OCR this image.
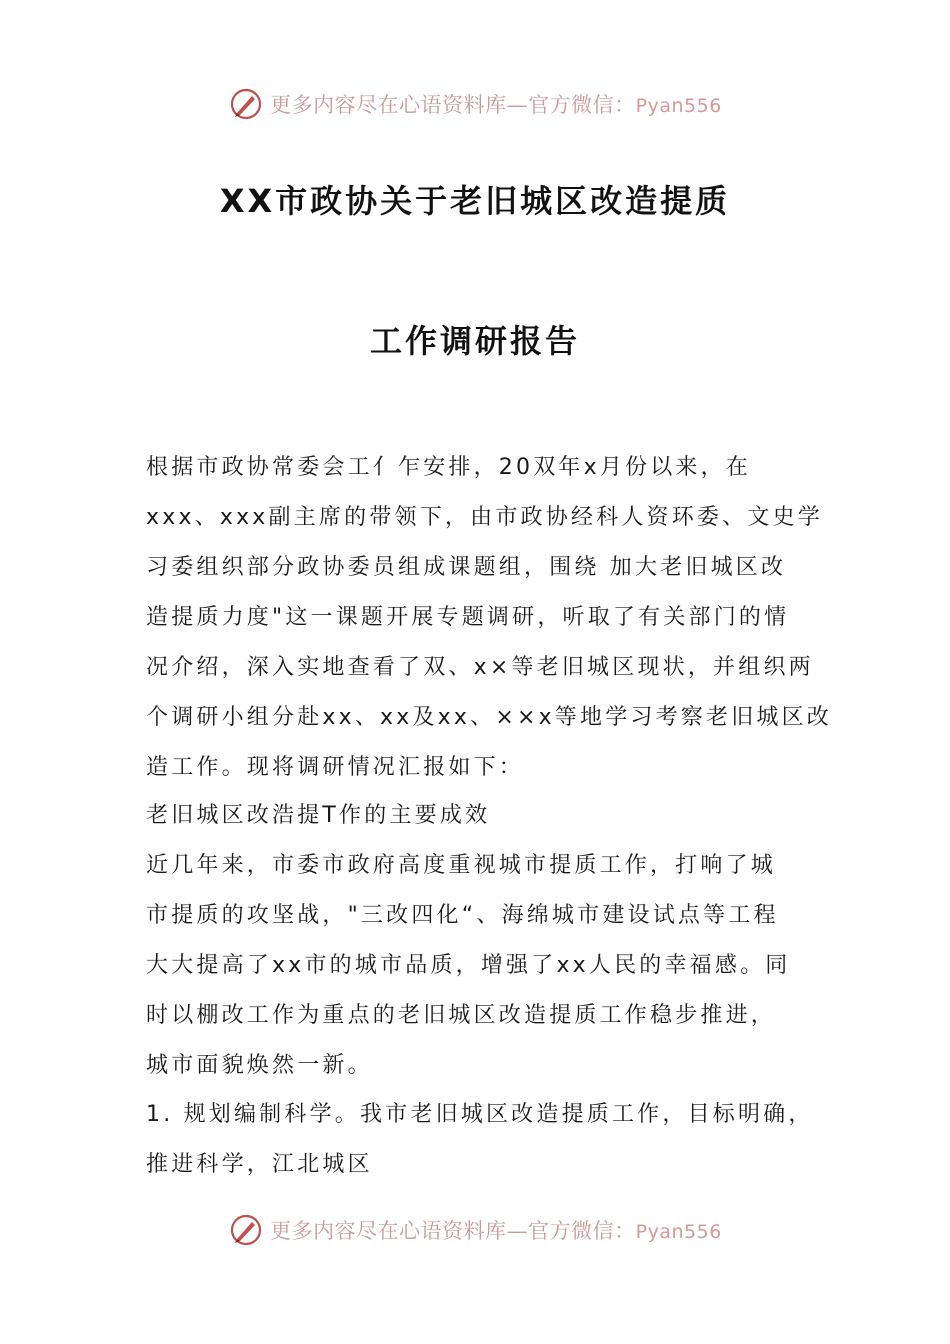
更多内容尽在心语资料库—官方微信：Pyan556
XX市政协关于老旧城区改造提质
工作调研报告
根据市政协常委会工亻乍安排，20双年x月份以来，在
xxx、xxx副主席的带领下，由市政协经科人资环委、文史学
习委组织部分政协委员组成课题组，围绕 加大老旧城区改
造提质力度"这一课题开展专题调研，听取了有关部门的情
况介绍，深入实地查看了双、x×等老旧城区现状，并组织两
个调研小组分赴xx、xx及xx、××x等地学习考察老旧城区改
造工作。现将调研情况汇报如下：
老旧城区改浩提T作的主要成效
近几年来，市委市政府高度重视城市提质工作，打响了城
市提质的攻坚战，"三改四化“、海绵城市建设试点等工程
大大提高了xx市的城市品质，增强了xx人民的幸福感。同
时以棚改工作为重点的老旧城区改造提质工作稳步推进，
城市面貌焕然一新。
1. 规划编制科学。我市老旧城区改造提质工作，目标明确，
推进科学，江北城区
更多内容尽在心语资料库—官方微信：Pyan556
